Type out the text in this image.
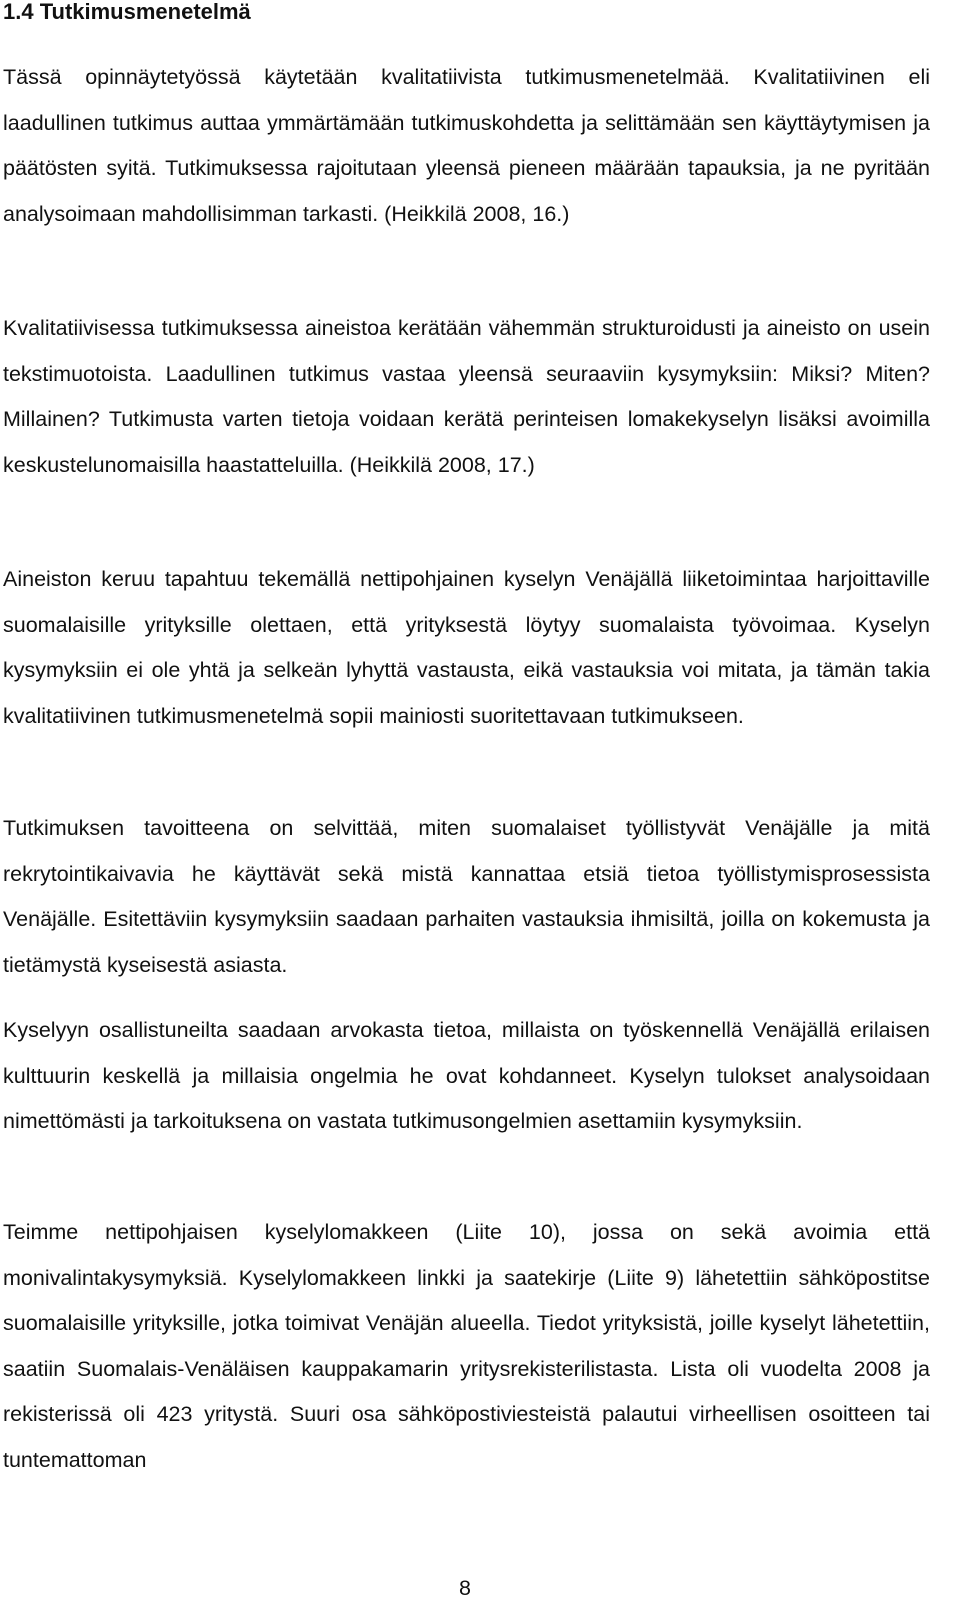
1.4 Tutkimusmenetelmä

Tässä opinnäytetyössä käytetään kvalitatiivista tutkimusmenetelmää. Kvalitatiivinen eli laadullinen tutkimus auttaa ymmärtämään tutkimuskohdetta ja selittämään sen käyttäytymisen ja päätösten syitä. Tutkimuksessa rajoitutaan yleensä pieneen määrään tapauksia, ja ne pyritään analysoimaan mahdollisimman tarkasti. (Heikkilä 2008, 16.)

Kvalitatiivisessa tutkimuksessa aineistoa kerätään vähemmän strukturoidusti ja aineisto on usein tekstimuotoista. Laadullinen tutkimus vastaa yleensä seuraaviin kysymyksiin: Miksi? Miten? Millainen? Tutkimusta varten tietoja voidaan kerätä perinteisen lomakekyselyn lisäksi avoimilla keskustelunomaisilla haastatteluilla. (Heikkilä 2008, 17.)

Aineiston keruu tapahtuu tekemällä nettipohjainen kyselyn Venäjällä liiketoimintaa harjoittaville suomalaisille yrityksille olettaen, että yrityksestä löytyy suomalaista työvoimaa. Kyselyn kysymyksiin ei ole yhtä ja selkeän lyhyttä vastausta, eikä vastauksia voi mitata, ja tämän takia kvalitatiivinen tutkimusmenetelmä sopii mainiosti suoritettavaan tutkimukseen.

Tutkimuksen tavoitteena on selvittää, miten suomalaiset työllistyvät Venäjälle ja mitä rekrytointikaivavia he käyttävät sekä mistä kannattaa etsiä tietoa työllistymisprosessista Venäjälle. Esitettäviin kysymyksiin saadaan parhaiten vastauksia ihmisiltä, joilla on kokemusta ja tietämystä kyseisestä asiasta.

Kyselyyn osallistuneilta saadaan arvokasta tietoa, millaista on työskennellä Venäjällä erilaisen kulttuurin keskellä ja millaisia ongelmia he ovat kohdanneet. Kyselyn tulokset analysoidaan nimettömästi ja tarkoituksena on vastata tutkimusongelmien asettamiin kysymyksiin.

Teimme nettipohjaisen kyselylomakkeen (Liite 10), jossa on sekä avoimia että monivalintakysymyksiä. Kyselylomakkeen linkki ja saatekirje (Liite 9) lähetettiin sähköpostitse suomalaisille yrityksille, jotka toimivat Venäjän alueella. Tiedot yrityksistä, joille kyselyt lähetettiin, saatiin Suomalais-Venäläisen kauppakamarin yritysrekisterilistasta. Lista oli vuodelta 2008 ja rekisterissä oli 423 yritystä. Suuri osa sähköpostiviesteistä palautui virheellisen osoitteen tai tuntemattoman

8
